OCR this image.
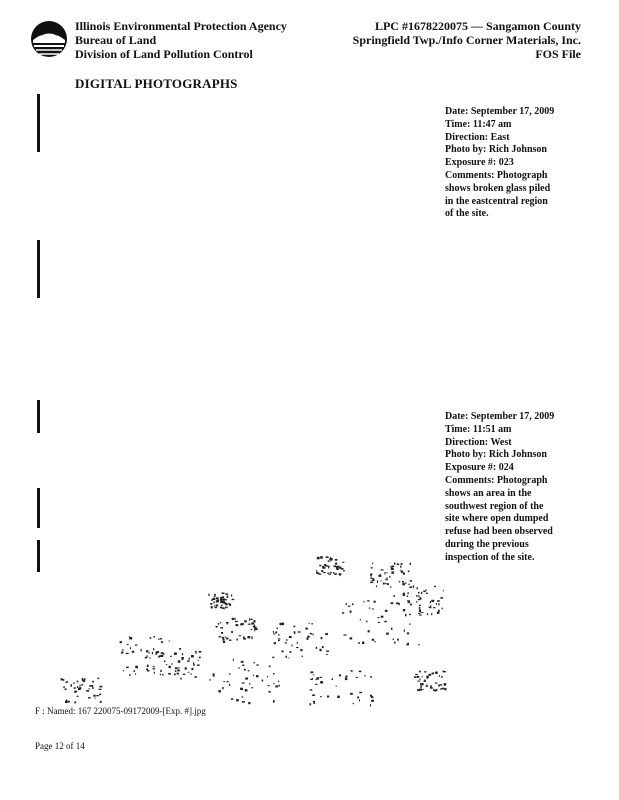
Illinois Environmental Protection Agency
Bureau of Land
Division of Land Pollution Control
LPC #1678220075 — Sangamon County
Springfield Twp./Info Corner Materials, Inc.
FOS File
DIGITAL PHOTOGRAPHS
Date: September 17, 2009
Time: 11:47 am
Direction: East
Photo by: Rich Johnson
Exposure #: 023
Comments: Photograph
shows broken glass piled
in the eastcentral region
of the site.
Date: September 17, 2009
Time: 11:51 am
Direction: West
Photo by: Rich Johnson
Exposure #: 024
Comments: Photograph
shows an area in the
southwest region of the
site where open dumped
refuse had been observed
during the previous
inspection of the site.
F : Named: 167 220075-09172009-[Exp. #].jpg
Page 12 of 14
